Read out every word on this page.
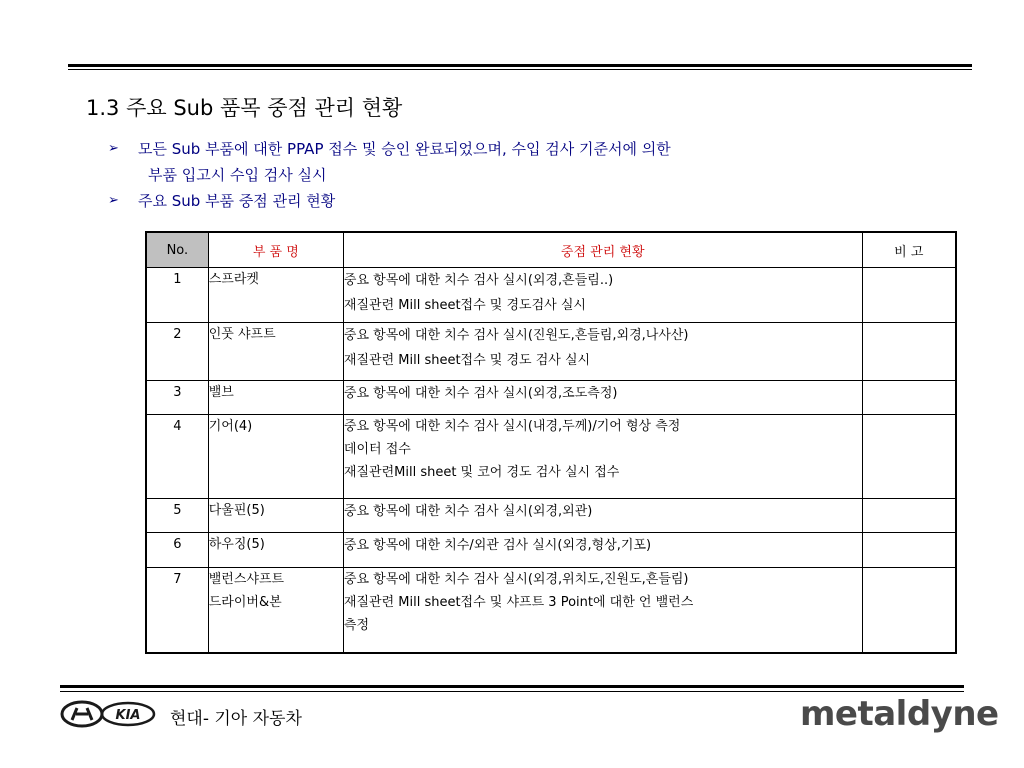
1.3 주요 Sub 품목 중점 관리 현황
➢ 모든 Sub 부품에 대한 PPAP 접수 및 승인 완료되었으며, 수입 검사 기준서에 의한
부품 입고시 수입 검사 실시
➢ 주요 Sub 부품 중점 관리 현황
No.	부 품 명	중점 관리 현황	비 고
1	스프라켓	중요 항목에 대한 치수 검사 실시(외경,흔들림..)
재질관련 Mill sheet접수 및 경도검사 실시	

2	인풋 샤프트	중요 항목에 대한 치수 검사 실시(진원도,흔들림,외경,나사산)
재질관련 Mill sheet접수 및 경도 검사 실시	

3	밸브	중요 항목에 대한 치수 검사 실시(외경,조도측정)	

4	기어(4)	중요 항목에 대한 치수 검사 실시(내경,두께)/기어 형상 측정
데이터 접수
재질관련Mill sheet 및 코어 경도 검사 실시 접수	

5	다울핀(5)	중요 항목에 대한 치수 검사 실시(외경,외관)	

6	하우징(5)	중요 항목에 대한 치수/외관 검사 실시(외경,형상,기포)	

7	밸런스샤프트
드라이버&본	중요 항목에 대한 치수 검사 실시(외경,위치도,진원도,흔들림)
재질관련 Mill sheet접수 및 샤프트 3 Point에 대한 언 밸런스
측정	

KIA 현대- 기아 자동차	metaldyne
